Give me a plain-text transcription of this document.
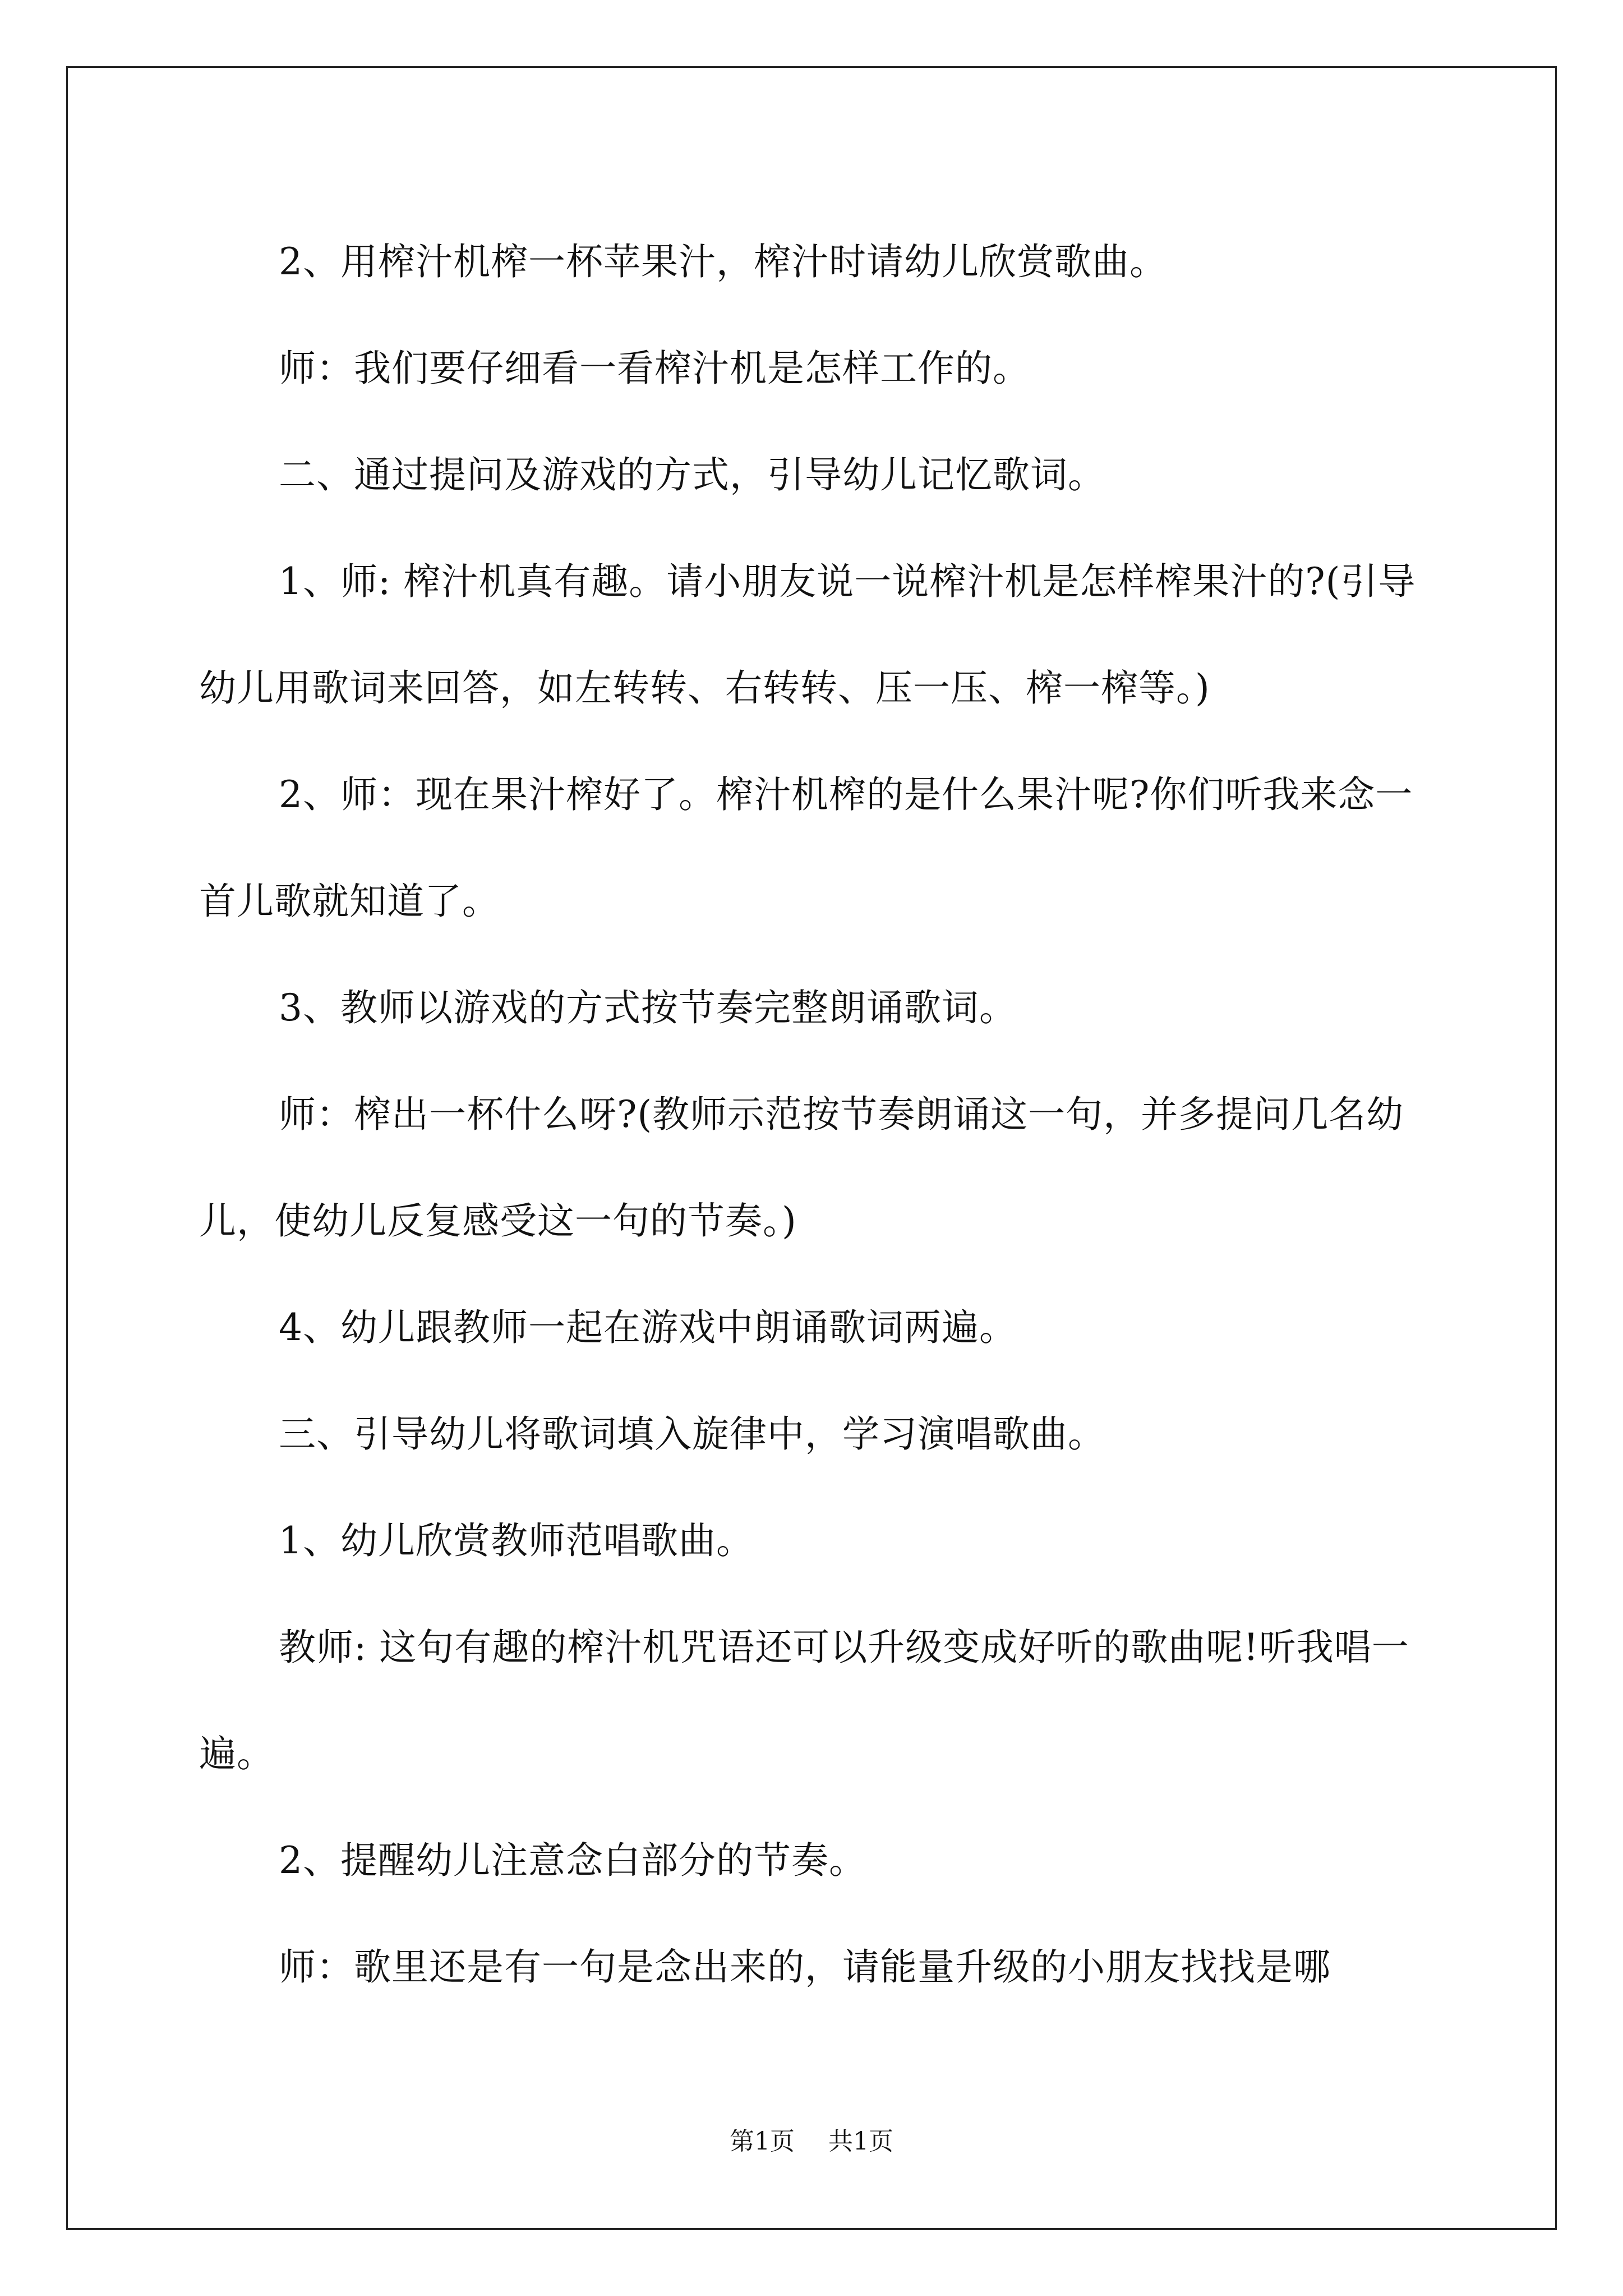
2、用榨汁机榨一杯苹果汁，榨汁时请幼儿欣赏歌曲。

师：我们要仔细看一看榨汁机是怎样工作的。

二、通过提问及游戏的方式，引导幼儿记忆歌词。

1、师: 榨汁机真有趣。请小朋友说一说榨汁机是怎样榨果汁的?(引导幼儿用歌词来回答，如左转转、右转转、压一压、榨一榨等。)

2、师：现在果汁榨好了。榨汁机榨的是什么果汁呢?你们听我来念一首儿歌就知道了。

3、教师以游戏的方式按节奏完整朗诵歌词。

师：榨出一杯什么呀?(教师示范按节奏朗诵这一句，并多提问几名幼儿，使幼儿反复感受这一句的节奏。)

4、幼儿跟教师一起在游戏中朗诵歌词两遍。

三、引导幼儿将歌词填入旋律中，学习演唱歌曲。

1、幼儿欣赏教师范唱歌曲。

教师: 这句有趣的榨汁机咒语还可以升级变成好听的歌曲呢!听我唱一遍。

2、提醒幼儿注意念白部分的节奏。

师：歌里还是有一句是念出来的，请能量升级的小朋友找找是哪

第1页 共1页
